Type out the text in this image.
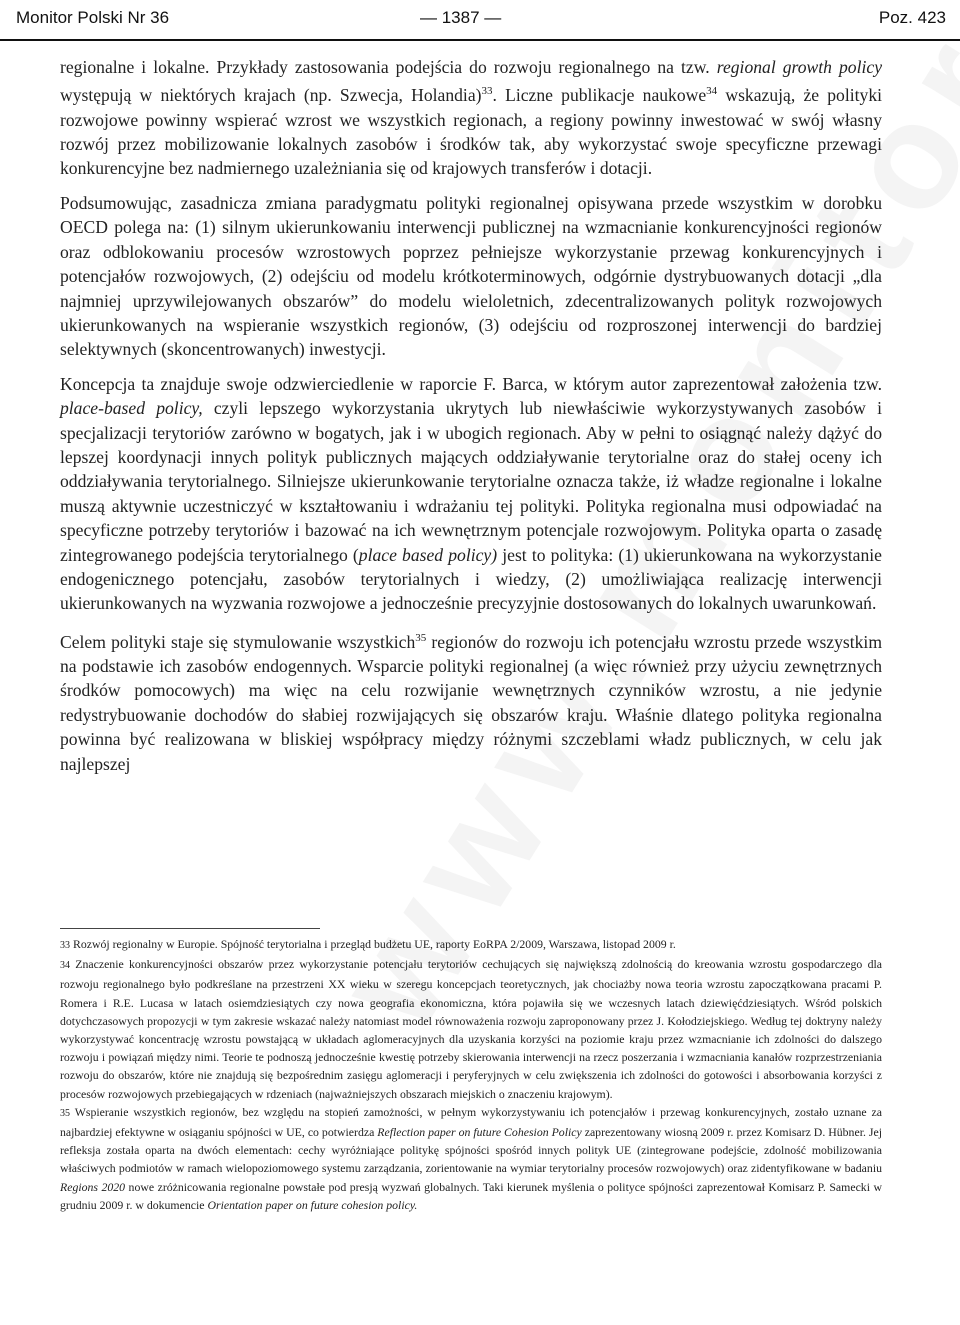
Monitor Polski Nr 36	— 1387 —	Poz. 423

regionalne i lokalne. Przykłady zastosowania podejścia do rozwoju regionalnego na tzw. regional growth policy występują w niektórych krajach (np. Szwecja, Holandia)$^{33}$. Liczne publikacje naukowe$^{34}$ wskazują, że polityki rozwojowe powinny wspierać wzrost we wszystkich regionach, a regiony powinny inwestować w swój własny rozwój przez mobilizowanie lokalnych zasobów i środków tak, aby wykorzystać swoje specyficzne przewagi konkurencyjne bez nadmiernego uzależniania się od krajowych transferów i dotacji.

Podsumowując, zasadnicza zmiana paradygmatu polityki regionalnej opisywana przede wszystkim w dorobku OECD polega na: (1) silnym ukierunkowaniu interwencji publicznej na wzmacnianie konkurencyjności regionów oraz odblokowaniu procesów wzrostowych poprzez pełniejsze wykorzystanie przewag konkurencyjnych i potencjałów rozwojowych, (2) odejściu od modelu krótkoterminowych, odgórnie dystrybuowanych dotacji „dla najmniej uprzywilejowanych obszarów” do modelu wieloletnich, zdecentralizowanych polityk rozwojowych ukierunkowanych na wspieranie wszystkich regionów, (3) odejściu od rozproszonej interwencji do bardziej selektywnych (skoncentrowanych) inwestycji.

Koncepcja ta znajduje swoje odzwierciedlenie w raporcie F. Barca, w którym autor zaprezentował założenia tzw. place-based policy, czyli lepszego wykorzystania ukrytych lub niewłaściwie wykorzystywanych zasobów i specjalizacji terytoriów zarówno w bogatych, jak i w ubogich regionach. Aby w pełni to osiągnąć należy dążyć do lepszej koordynacji innych polityk publicznych mających oddziaływanie terytorialne oraz do stałej oceny ich oddziaływania terytorialnego. Silniejsze ukierunkowanie terytorialne oznacza także, iż władze regionalne i lokalne muszą aktywnie uczestniczyć w kształtowaniu i wdrażaniu tej polityki. Polityka regionalna musi odpowiadać na specyficzne potrzeby terytoriów i bazować na ich wewnętrznym potencjale rozwojowym. Polityka oparta o zasadę zintegrowanego podejścia terytorialnego (place based policy) jest to polityka: (1) ukierunkowana na wykorzystanie endogenicznego potencjału, zasobów terytorialnych i wiedzy, (2) umożliwiająca realizację interwencji ukierunkowanych na wyzwania rozwojowe a jednocześnie precyzyjnie dostosowanych do lokalnych uwarunkowań.

Celem polityki staje się stymulowanie wszystkich$^{35}$ regionów do rozwoju ich potencjału wzrostu przede wszystkim na podstawie ich zasobów endogennych. Wsparcie polityki regionalnej (a więc również przy użyciu zewnętrznych środków pomocowych) ma więc na celu rozwijanie wewnętrznych czynników wzrostu, a nie jedynie redystrybuowanie dochodów do słabiej rozwijających się obszarów kraju. Właśnie dlatego polityka regionalna powinna być realizowana w bliskiej współpracy między różnymi szczeblami władz publicznych, w celu jak najlepszej

33 Rozwój regionalny w Europie. Spójność terytorialna i przegląd budżetu UE, raporty EoRPA 2/2009, Warszawa, listopad 2009 r.

34 Znaczenie konkurencyjności obszarów przez wykorzystanie potencjału terytoriów cechujących się największą zdolnością do kreowania wzrostu gospodarczego dla rozwoju regionalnego było podkreślane na przestrzeni XX wieku w szeregu koncepcjach teoretycznych, jak chociażby nowa teoria wzrostu zapoczątkowana pracami P. Romera i R.E. Lucasa w latach osiemdziesiątych czy nowa geografia ekonomiczna, która pojawiła się we wczesnych latach dziewięćdziesiątych. Wśród polskich dotychczasowych propozycji w tym zakresie wskazać należy natomiast model równoważenia rozwoju zaproponowany przez J. Kołodziejskiego. Według tej doktryny należy wykorzystywać koncentrację wzrostu powstającą w układach aglomeracyjnych dla uzyskania korzyści na poziomie kraju przez wzmacnianie ich zdolności do dalszego rozwoju i powiązań między nimi. Teorie te podnoszą jednocześnie kwestię potrzeby skierowania interwencji na rzecz poszerzania i wzmacniania kanałów rozprzestrzeniania rozwoju do obszarów, które nie znajdują się bezpośrednim zasięgu aglomeracji i peryferyjnych w celu zwiększenia ich zdolności do gotowości i absorbowania korzyści z procesów rozwojowych przebiegających w rdzeniach (najważniejszych obszarach miejskich o znaczeniu krajowym).

35 Wspieranie wszystkich regionów, bez względu na stopień zamożności, w pełnym wykorzystywaniu ich potencjałów i przewag konkurencyjnych, zostało uznane za najbardziej efektywne w osiąganiu spójności w UE, co potwierdza Reflection paper on future Cohesion Policy zaprezentowany wiosną 2009 r. przez Komisarz D. Hübner. Jej refleksja została oparta na dwóch elementach: cechy wyróżniające politykę spójności spośród innych polityk UE (zintegrowane podejście, zdolność mobilizowania właściwych podmiotów w ramach wielopoziomowego systemu zarządzania, zorientowanie na wymiar terytorialny procesów rozwojowych) oraz zidentyfikowane w badaniu Regions 2020 nowe zróżnicowania regionalne powstałe pod presją wyzwań globalnych. Taki kierunek myślenia o polityce spójności zaprezentował Komisarz P. Samecki w grudniu 2009 r. w dokumencie Orientation paper on future cohesion policy.
